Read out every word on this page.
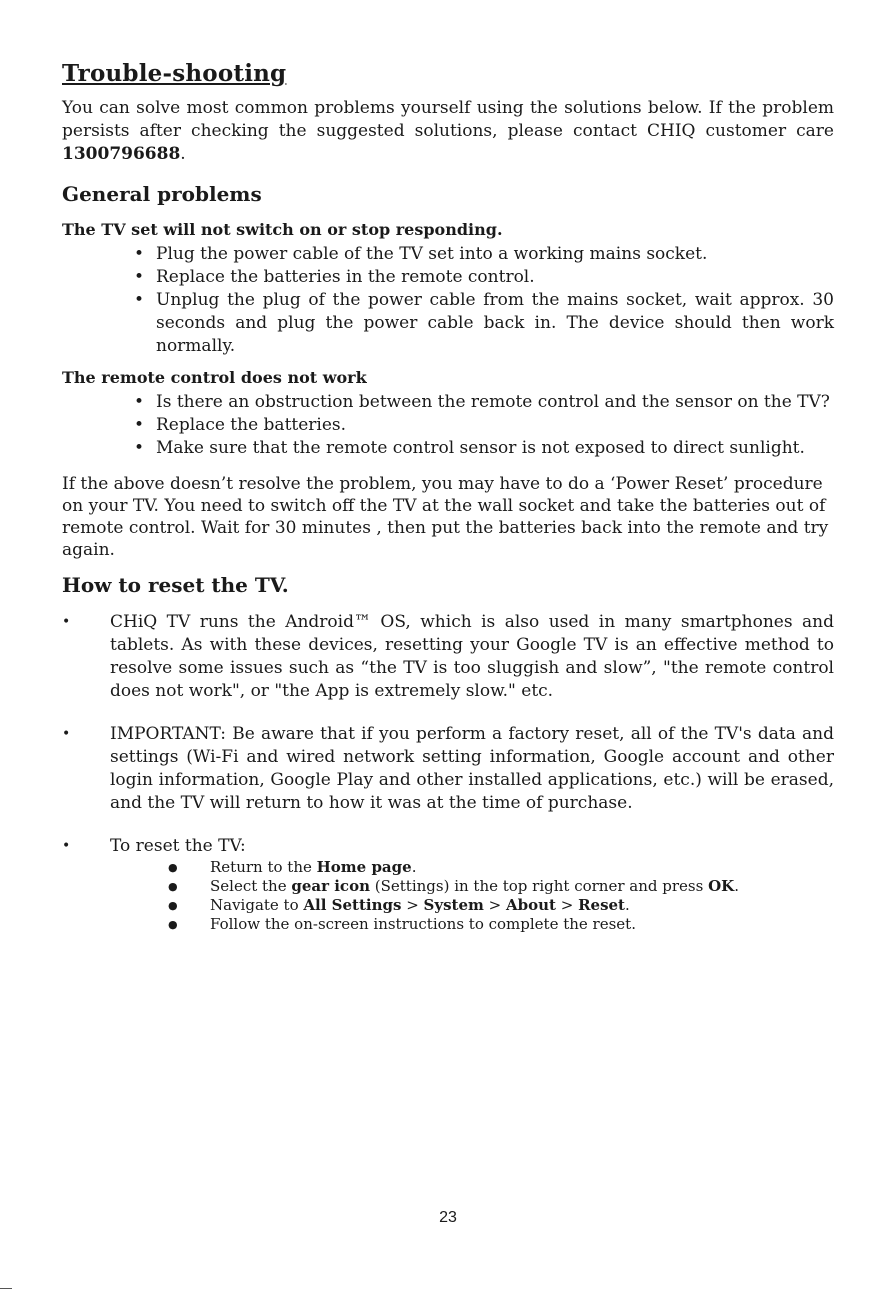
Trouble-shooting

You can solve most common problems yourself using the solutions below. If the problem persists after checking the suggested solutions, please contact CHIQ customer care 1300796688.

General problems
The TV set will not switch on or stop responding.
• Plug the power cable of the TV set into a working mains socket.
• Replace the batteries in the remote control.
• Unplug the plug of the power cable from the mains socket, wait approx. 30 seconds and plug the power cable back in. The device should then work normally.
The remote control does not work
• Is there an obstruction between the remote control and the sensor on the TV?
• Replace the batteries.
• Make sure that the remote control sensor is not exposed to direct sunlight.

If the above doesn’t resolve the problem, you may have to do a ‘Power Reset’ procedure on your TV. You need to switch off the TV at the wall socket and take the batteries out of remote control. Wait for 30 minutes , then put the batteries back into the remote and try again.

How to reset the TV.
• CHiQ TV runs the Android™ OS, which is also used in many smartphones and tablets. As with these devices, resetting your Google TV is an effective method to resolve some issues such as “the TV is too sluggish and slow”, "the remote control does not work", or "the App is extremely slow." etc.
• IMPORTANT: Be aware that if you perform a factory reset, all of the TV's data and settings (Wi-Fi and wired network setting information, Google account and other login information, Google Play and other installed applications, etc.) will be erased, and the TV will return to how it was at the time of purchase.
• To reset the TV:
● Return to the Home page.
● Select the gear icon (Settings) in the top right corner and press OK.
● Navigate to All Settings > System > About > Reset.
● Follow the on-screen instructions to complete the reset.
23
